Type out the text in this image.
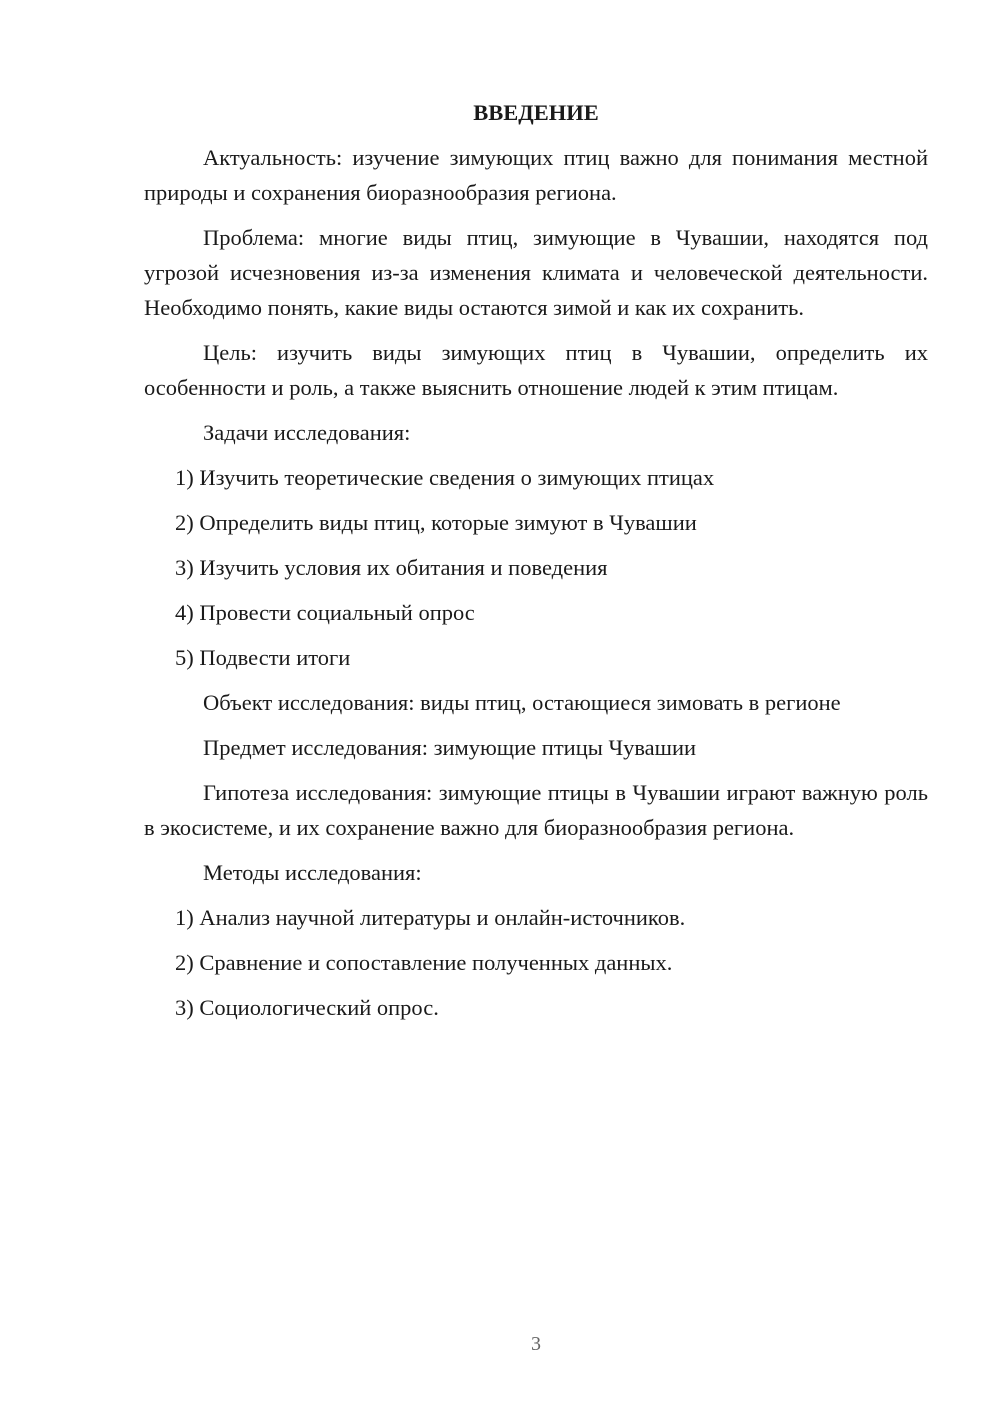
ВВЕДЕНИЕ

Актуальность: изучение зимующих птиц важно для понимания местной природы и сохранения биоразнообразия региона.

Проблема: многие виды птиц, зимующие в Чувашии, находятся под угрозой исчезновения из-за изменения климата и человеческой деятельности. Необходимо понять, какие виды остаются зимой и как их сохранить.

Цель: изучить виды зимующих птиц в Чувашии, определить их особенности и роль, а также выяснить отношение людей к этим птицам.

Задачи исследования:

1) Изучить теоретические сведения о зимующих птицах

2) Определить виды птиц, которые зимуют в Чувашии

3) Изучить условия их обитания и поведения

4) Провести социальный опрос

5) Подвести итоги

Объект исследования: виды птиц, остающиеся зимовать в регионе

Предмет исследования: зимующие птицы Чувашии

Гипотеза исследования: зимующие птицы в Чувашии играют важную роль в экосистеме, и их сохранение важно для биоразнообразия региона.

Методы исследования:

1) Анализ научной литературы и онлайн-источников.

2) Сравнение и сопоставление полученных данных.

3) Социологический опрос.

3
